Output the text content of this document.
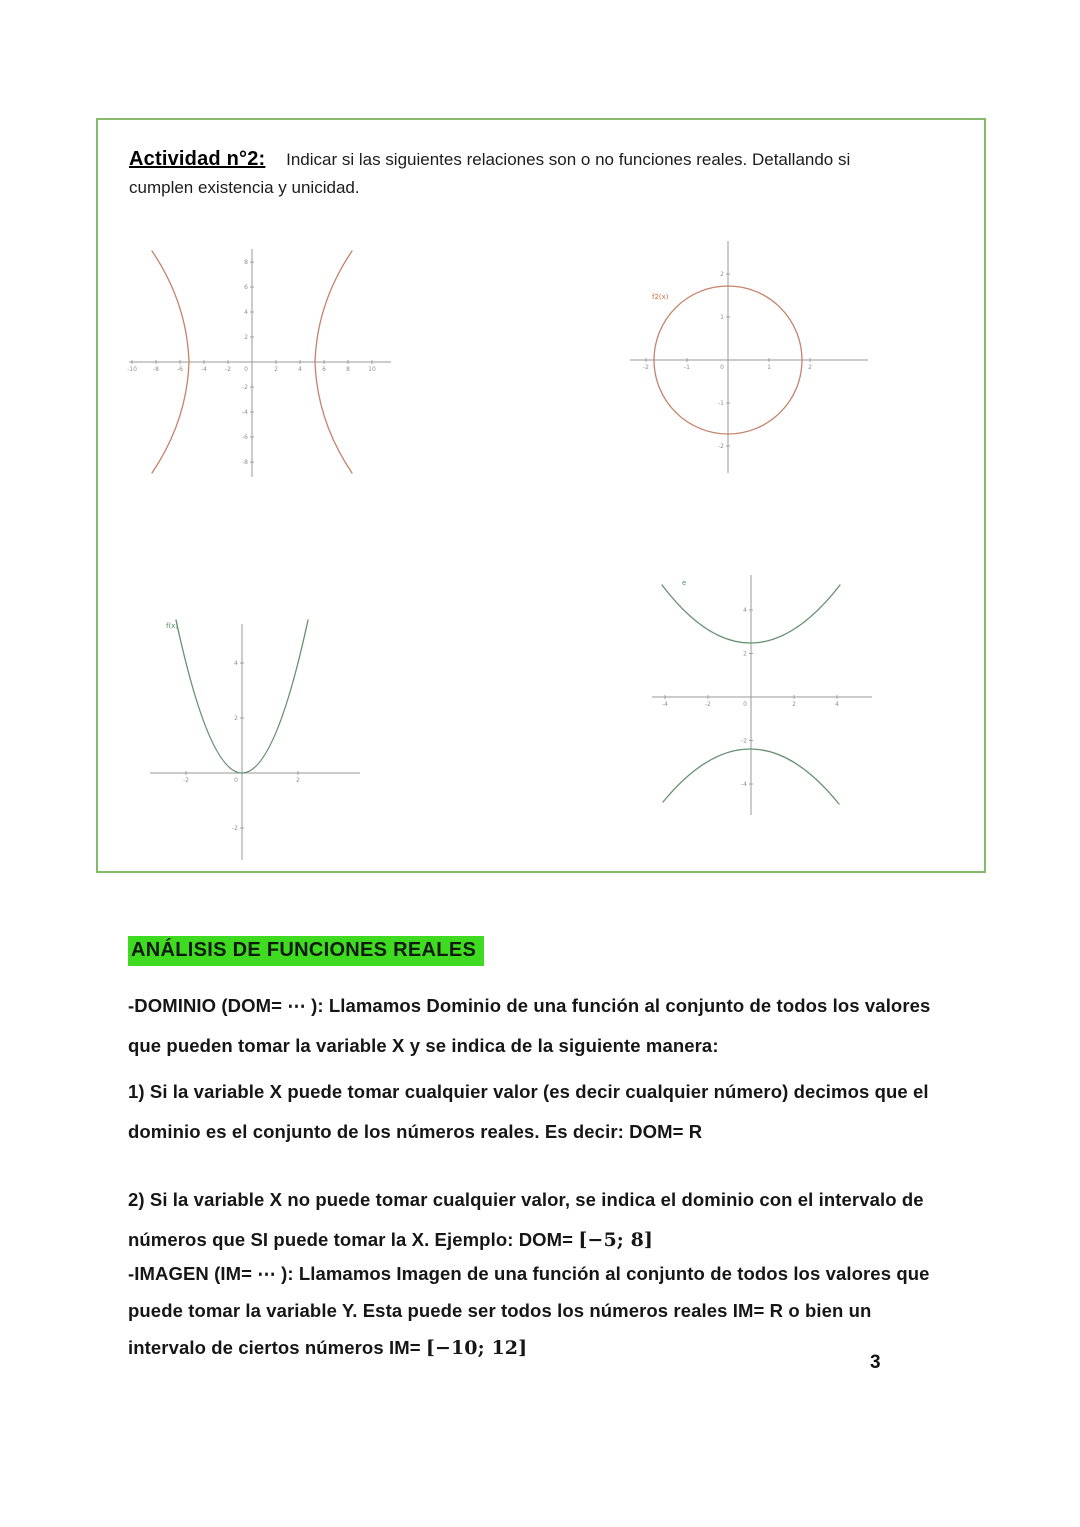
Actividad n°2: Indicar si las siguientes relaciones son o no funciones reales. Detallando si cumplen existencia y unicidad.

-10	-8	-6	-4	-2	2	4	6	8	10
-8
-6
-4
-2
2
4
6
8
0
f2(x)
-2	-1	1	2
-2
-1
1
2
0
f(x)
-2	2
-2
2
4
0
e
-4	-2	2	4
-4
-2
2
4
0
ANÁLISIS DE FUNCIONES REALES

-DOMINIO (DOM= ⋯ ): Llamamos Dominio de una función al conjunto de todos los valores que pueden tomar la variable X y se indica de la siguiente manera:

1) Si la variable X puede tomar cualquier valor (es decir cualquier número) decimos que el dominio es el conjunto de los números reales. Es decir: DOM= R

2) Si la variable X no puede tomar cualquier valor, se indica el dominio con el intervalo de números que SI puede tomar la X. Ejemplo: DOM= [−5; 8]

-IMAGEN (IM= ⋯ ): Llamamos Imagen de una función al conjunto de todos los valores que puede tomar la variable Y. Esta puede ser todos los números reales IM= R o bien un intervalo de ciertos números IM= [−10; 12]

3
